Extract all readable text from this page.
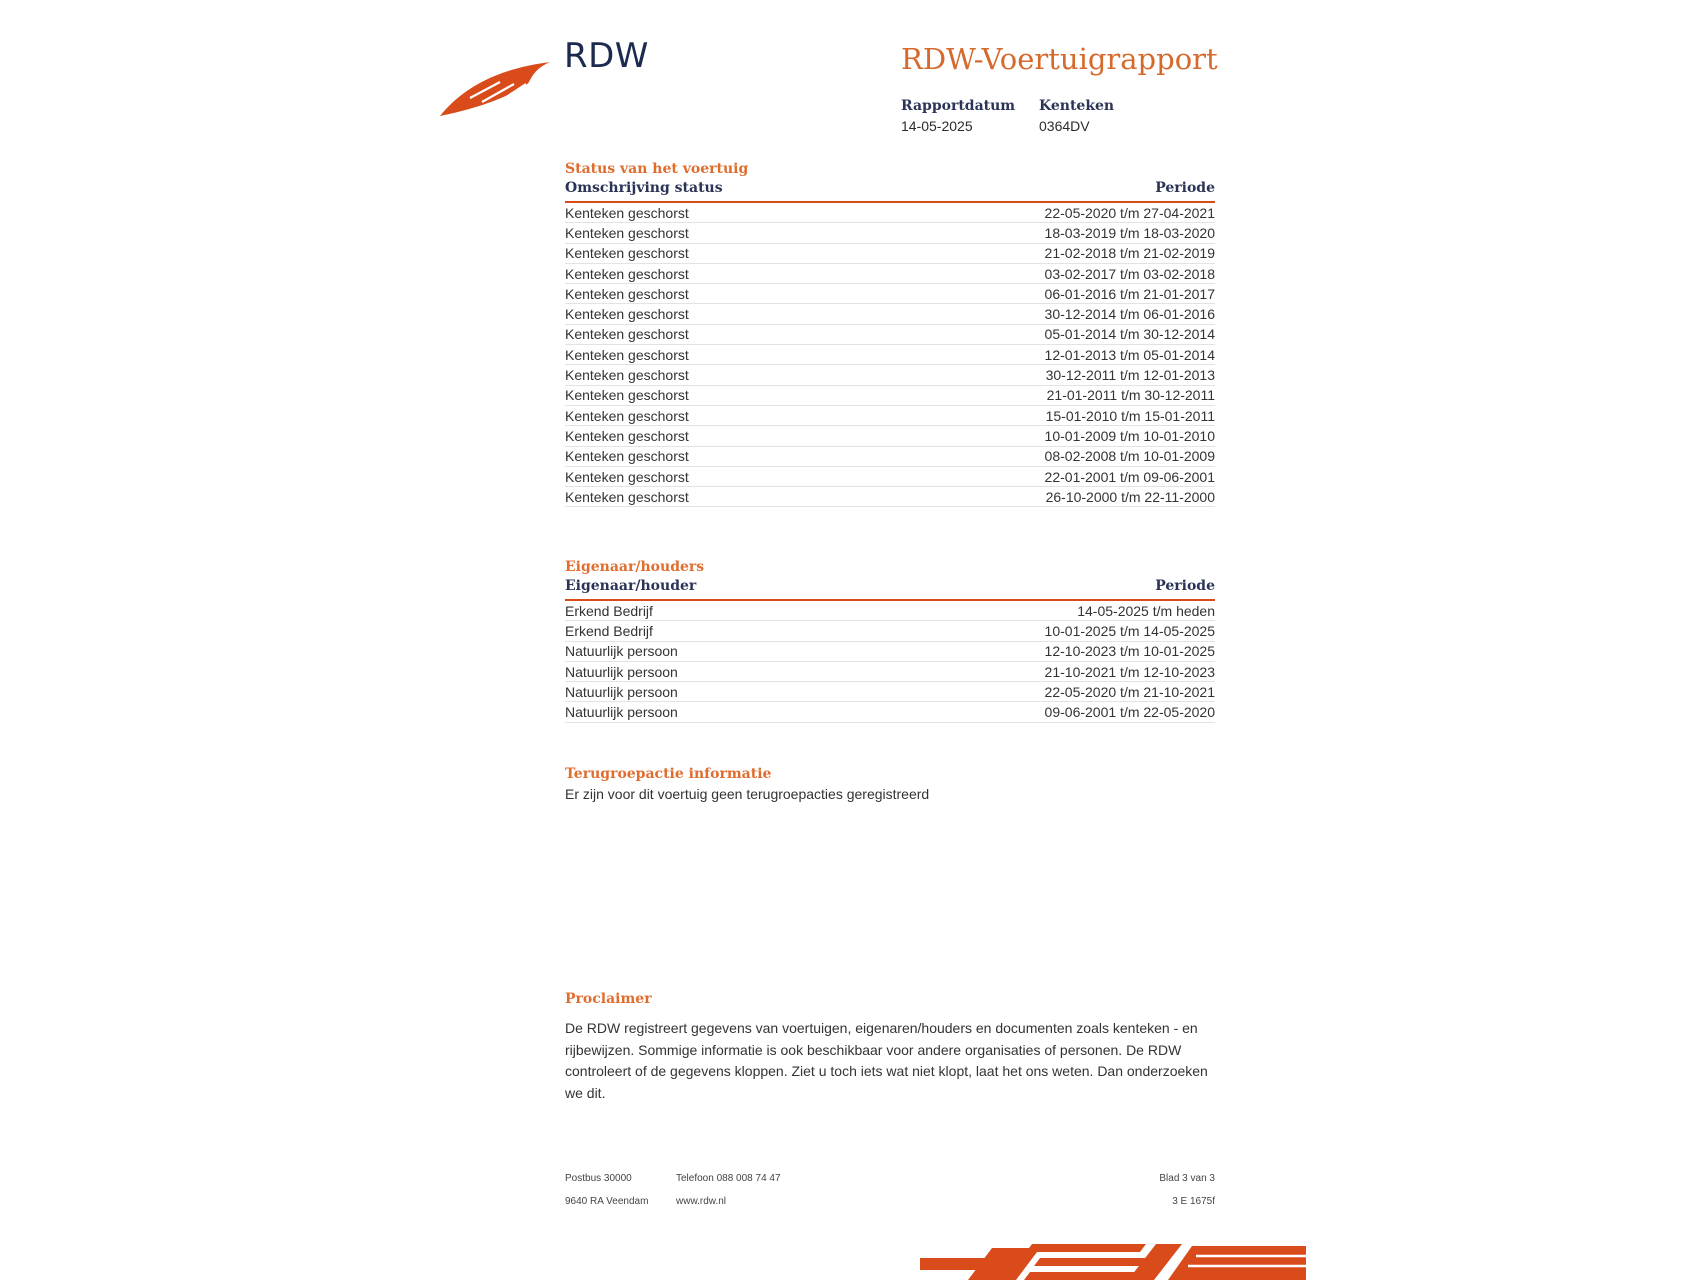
RDW	RDW-Voertuigrapport
Rapportdatum
14-05-2025
Kenteken
0364DV
Status van het voertuig
Omschrijving status	Periode
Kenteken geschorst	22-05-2020 t/m 27-04-2021
Kenteken geschorst	18-03-2019 t/m 18-03-2020
Kenteken geschorst	21-02-2018 t/m 21-02-2019
Kenteken geschorst	03-02-2017 t/m 03-02-2018
Kenteken geschorst	06-01-2016 t/m 21-01-2017
Kenteken geschorst	30-12-2014 t/m 06-01-2016
Kenteken geschorst	05-01-2014 t/m 30-12-2014
Kenteken geschorst	12-01-2013 t/m 05-01-2014
Kenteken geschorst	30-12-2011 t/m 12-01-2013
Kenteken geschorst	21-01-2011 t/m 30-12-2011
Kenteken geschorst	15-01-2010 t/m 15-01-2011
Kenteken geschorst	10-01-2009 t/m 10-01-2010
Kenteken geschorst	08-02-2008 t/m 10-01-2009
Kenteken geschorst	22-01-2001 t/m 09-06-2001
Kenteken geschorst	26-10-2000 t/m 22-11-2000
Eigenaar/houders
Eigenaar/houder	Periode
Erkend Bedrijf	14-05-2025 t/m heden
Erkend Bedrijf	10-01-2025 t/m 14-05-2025
Natuurlijk persoon	12-10-2023 t/m 10-01-2025
Natuurlijk persoon	21-10-2021 t/m 12-10-2023
Natuurlijk persoon	22-05-2020 t/m 21-10-2021
Natuurlijk persoon	09-06-2001 t/m 22-05-2020
Terugroepactie informatie
Er zijn voor dit voertuig geen terugroepacties geregistreerd
Proclaimer
De RDW registreert gegevens van voertuigen, eigenaren/houders en documenten zoals kenteken - en rijbewijzen. Sommige informatie is ook beschikbaar voor andere organisaties of personen. De RDW controleert of de gegevens kloppen. Ziet u toch iets wat niet klopt, laat het ons weten. Dan onderzoeken we dit.
Postbus 30000
9640 RA Veendam
Telefoon 088 008 74 47
www.rdw.nl
Blad 3 van 3
3 E 1675f
